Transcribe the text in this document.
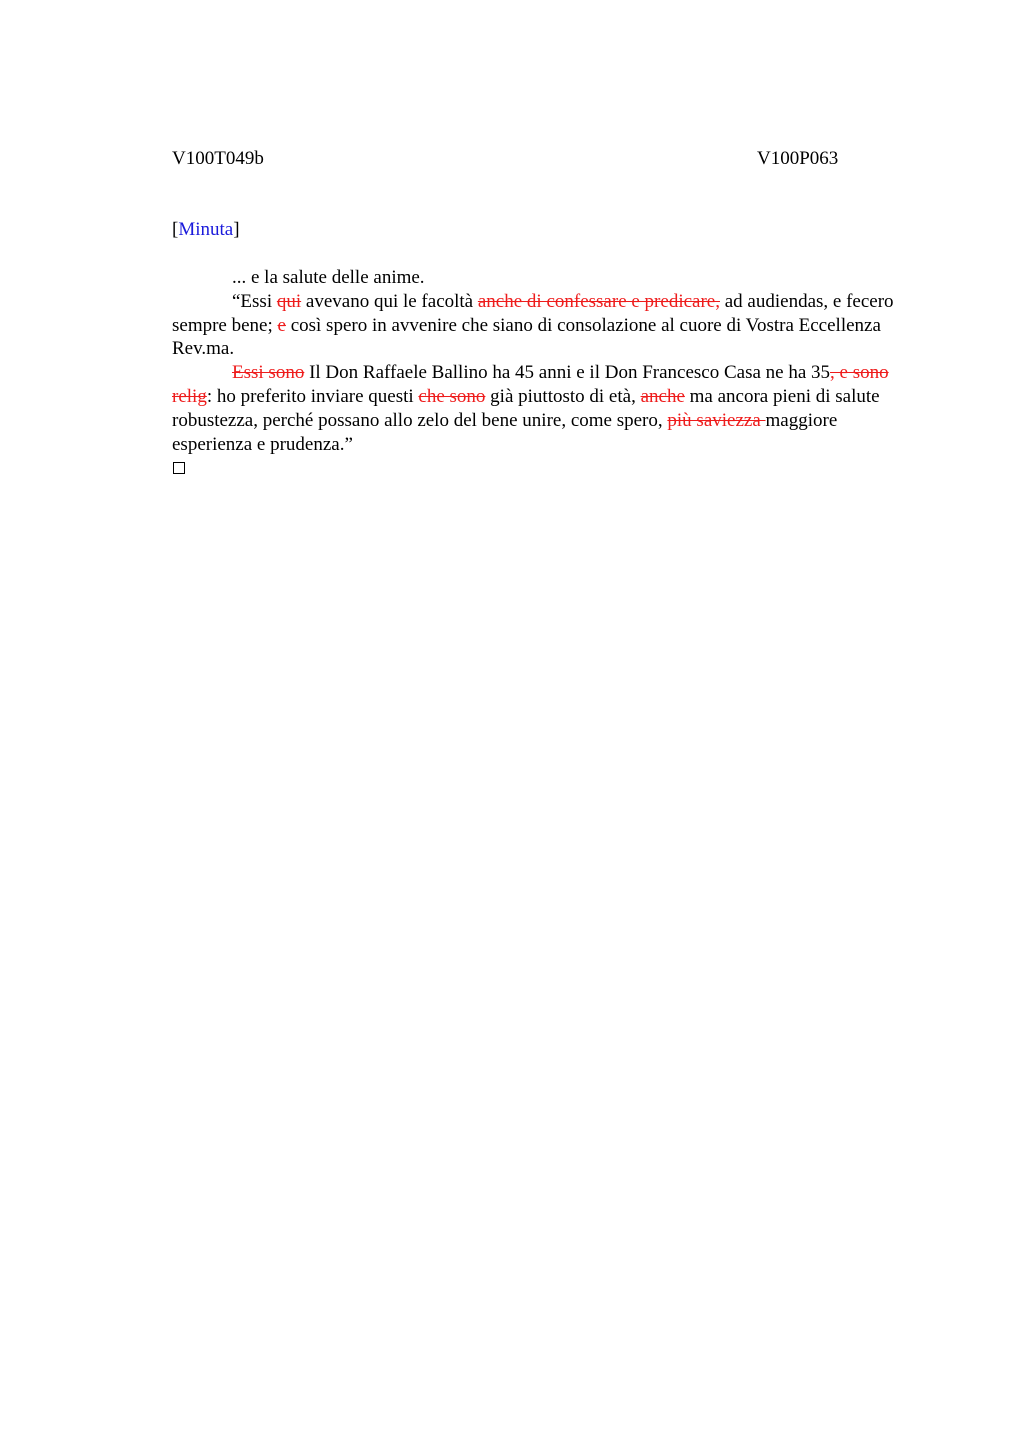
V100T049b	V100P063
[Minuta]

... e la salute delle anime.

“Essi qui avevano qui le facoltà anche di confessare e predicare, ad audiendas, e fecero sempre bene; e così spero in avvenire che siano di consolazione al cuore di Vostra Eccellenza Rev.ma.

Essi sono Il Don Raffaele Ballino ha 45 anni e il Don Francesco Casa ne ha 35, e sono relig: ho preferito inviare questi che sono già piuttosto di età, anche ma ancora pieni di salute robustezza, perché possano allo zelo del bene unire, come spero, più saviezza maggiore esperienza e prudenza.”
